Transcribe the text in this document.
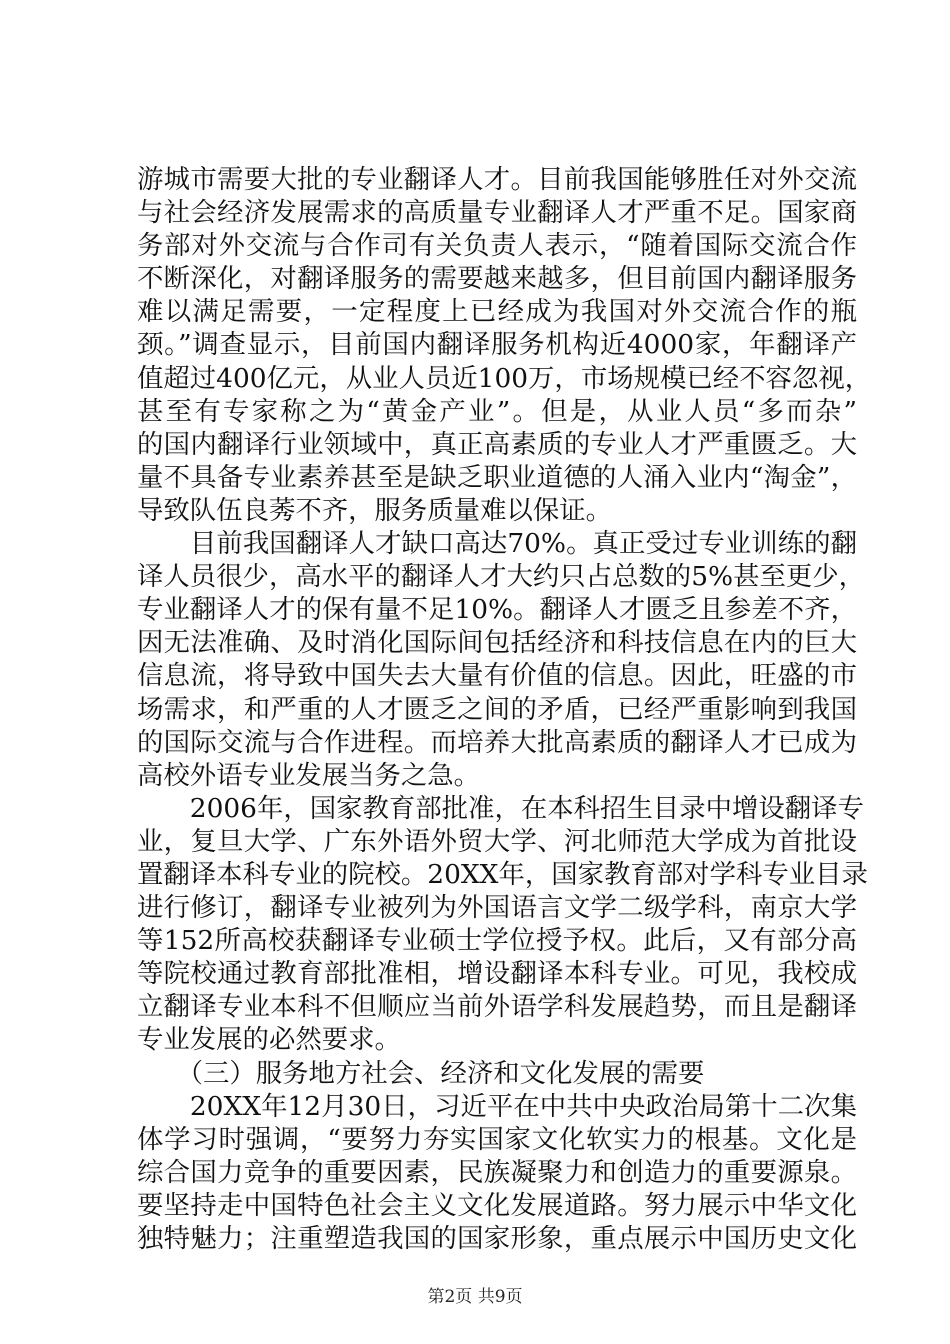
游城市需要大批的专业翻译人才。目前我国能够胜任对外交流
与社会经济发展需求的高质量专业翻译人才严重不足。国家商
务部对外交流与合作司有关负责人表示，“随着国际交流合作
不断深化，对翻译服务的需要越来越多，但目前国内翻译服务
难以满足需要，一定程度上已经成为我国对外交流合作的瓶
颈。”调查显示，目前国内翻译服务机构近4000家，年翻译产
值超过400亿元，从业人员近100万，市场规模已经不容忽视，
甚至有专家称之为“黄金产业”。但是，从业人员“多而杂”
的国内翻译行业领域中，真正高素质的专业人才严重匮乏。大
量不具备专业素养甚至是缺乏职业道德的人涌入业内“淘金”，
导致队伍良莠不齐，服务质量难以保证。
　　目前我国翻译人才缺口高达70%。真正受过专业训练的翻
译人员很少，高水平的翻译人才大约只占总数的5%甚至更少，
专业翻译人才的保有量不足10%。翻译人才匮乏且参差不齐，
因无法准确、及时消化国际间包括经济和科技信息在内的巨大
信息流，将导致中国失去大量有价值的信息。因此，旺盛的市
场需求，和严重的人才匮乏之间的矛盾，已经严重影响到我国
的国际交流与合作进程。而培养大批高素质的翻译人才已成为
高校外语专业发展当务之急。
　　2006年，国家教育部批准，在本科招生目录中增设翻译专
业，复旦大学、广东外语外贸大学、河北师范大学成为首批设
置翻译本科专业的院校。20XX年，国家教育部对学科专业目录
进行修订，翻译专业被列为外国语言文学二级学科，南京大学
等152所高校获翻译专业硕士学位授予权。此后，又有部分高
等院校通过教育部批准相，增设翻译本科专业。可见，我校成
立翻译专业本科不但顺应当前外语学科发展趋势，而且是翻译
专业发展的必然要求。
　　（三）服务地方社会、经济和文化发展的需要
　　20XX年12月30日，习近平在中共中央政治局第十二次集
体学习时强调，“要努力夯实国家文化软实力的根基。文化是
综合国力竞争的重要因素，民族凝聚力和创造力的重要源泉。
要坚持走中国特色社会主义文化发展道路。努力展示中华文化
独特魅力；注重塑造我国的国家形象，重点展示中国历史文化
第2页 共9页
